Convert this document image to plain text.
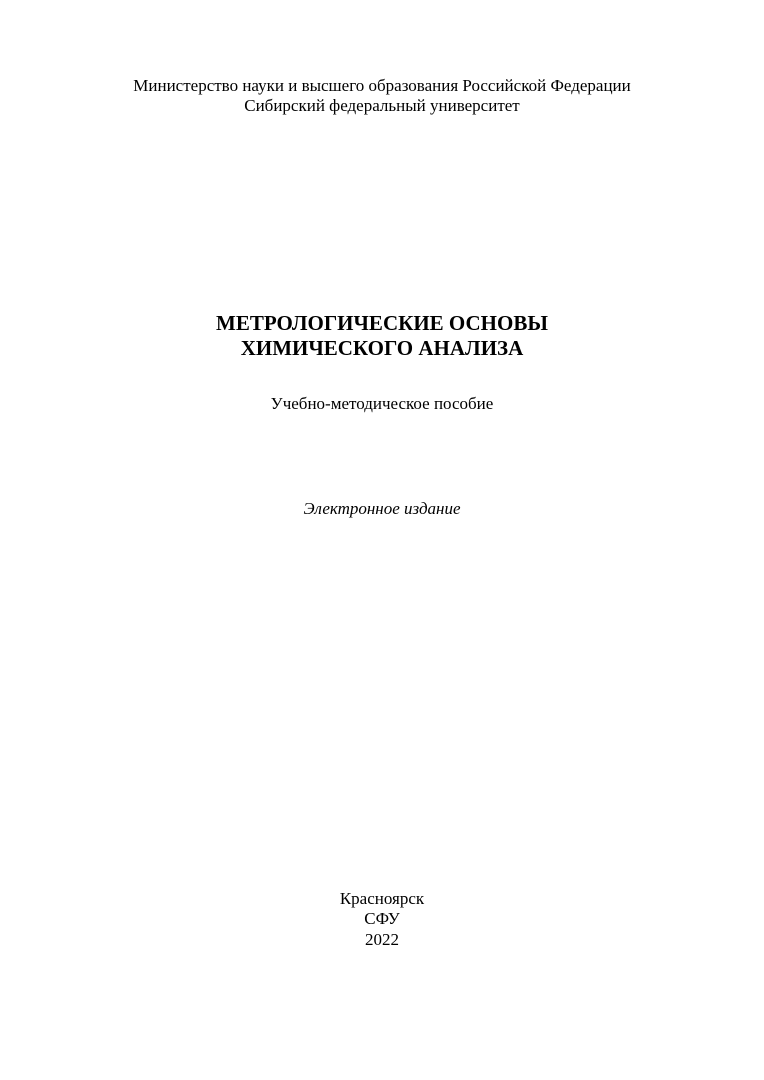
Министерство науки и высшего образования Российской Федерации
Сибирский федеральный университет
МЕТРОЛОГИЧЕСКИЕ ОСНОВЫ
ХИМИЧЕСКОГО АНАЛИЗА
Учебно-методическое пособие
Электронное издание
Красноярск
СФУ
2022
